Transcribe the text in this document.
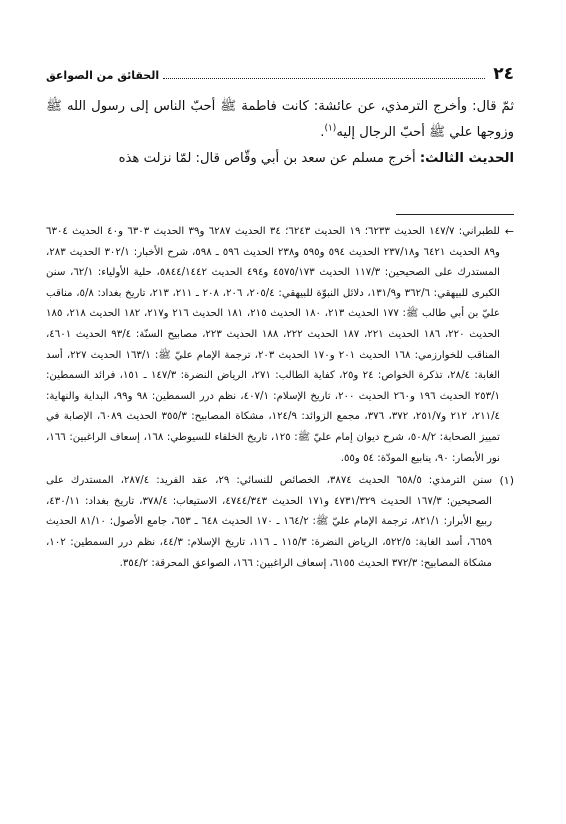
٢٤
الحقائق من الصواعق

ثمّ قال: وأخرج الترمذي، عن عائشة: كانت فاطمة ﷺ أحبّ الناس إلى رسول الله ﷺ وزوجها علي ﷺ أحبّ الرجال إليه$^{(١)}$.

الحديث الثالث: أخرج مسلم عن سعد بن أبي وقّاص قال: لمّا نزلت هذه

←
للطبراني: ١٤٧/٧ الحديث ٦٢٣٣؛ ١٩ الحديث ٦٢٤٣؛ ٣٤ الحديث ٦٢٨٧ و٣٩ الحديث ٦٣٠٣ و٤٠ الحديث ٦٣٠٤ و٨٩ الحديث ٦٤٢١ و٢٣٧/١٨ الحديث ٥٩٤ و٥٩٥ و٢٣٨ الحديث ٥٩٦ ـ ٥٩٨، شرح الأخبار: ٣٠٢/١ الحديث ٢٨٣، المستدرك على الصحيحين: ١١٧/٣ الحديث ٤٥٧٥/١٧٣ و٤٩٤ الحديث ٥٨٤٤/١٤٤٢، حلية الأولياء: ٦٢/١، سنن الكبرى للبيهقي: ٣٦٢/٦ و١٣١/٩، دلائل النبوّة للبيهقي: ٢٠٥/٤، ٢٠٦، ٢٠٨ ـ ٢١١، ٢١٣، تاريخ بغداد: ٥/٨، مناقب عليّ بن أبي طالب ﷺ: ١٧٧ الحديث ٢١٣، ١٨٠ الحديث ٢١٥، ١٨١ الحديث ٢١٦ و٢١٧، ١٨٢ الحديث ٢١٨، ١٨٥ الحديث ٢٢٠، ١٨٦ الحديث ٢٢١، ١٨٧ الحديث ٢٢٢، ١٨٨ الحديث ٢٢٣، مصابيح السنّة: ٩٣/٤ الحديث ٤٦٠١، المناقب للخوارزمي: ١٦٨ الحديث ٢٠١ و١٧٠ الحديث ٢٠٣، ترجمة الإمام عليّ ﷺ: ١٦٣/١ الحديث ٢٢٧، أسد الغابة: ٢٨/٤، تذكرة الخواص: ٢٤ و٢٥، كفاية الطالب: ٢٧١، الرياض النضرة: ١٤٧/٣ ـ ١٥١، فرائد السمطين: ٢٥٣/١ الحديث ١٩٦ و٢٦٠ الحديث ٢٠٠، تاريخ الإسلام: ٤٠٧/١، نظم درر السمطين: ٩٨ و٩٩، البداية والنهاية: ٢١١/٤، ٢١٢ و٢٥١/٧، ٣٧٢، ٣٧٦، مجمع الزوائد: ١٢٤/٩، مشكاة المصابيح: ٣٥٥/٣ الحديث ٦٠٨٩، الإصابة في تمييز الصحابة: ٥٠٨/٢، شرح ديوان إمام عليّ ﷺ: ١٢٥، تاريخ الخلفاء للسيوطي: ١٦٨، إسعاف الراغبين: ١٦٦، نور الأبصار: ٩٠، ينابيع المودّة: ٥٤ و٥٥.
(١)
سنن الترمذي: ٦٥٨/٥ الحديث ٣٨٧٤، الخصائص للنسائي: ٢٩، عقد الفريد: ٢٨٧/٤، المستدرك على الصحيحين: ١٦٧/٣ الحديث ٤٧٣١/٣٢٩ و١٧١ الحديث ٤٧٤٤/٣٤٣، الاستيعاب: ٣٧٨/٤، تاريخ بغداد: ٤٣٠/١١، ربيع الأبرار: ٨٢١/١، ترجمة الإمام عليّ ﷺ: ١٦٤/٢ ـ ١٧٠ الحديث ٦٤٨ ـ ٦٥٣، جامع الأصول: ٨١/١٠ الحديث ٦٦٥٩، أسد الغابة: ٥٢٢/٥، الرياض النضرة: ١١٥/٣ ـ ١١٦، تاريخ الإسلام: ٤٤/٣، نظم درر السمطين: ١٠٢، مشكاة المصابيح: ٣٧٢/٣ الحديث ٦١٥٥، إسعاف الراغبين: ١٦٦، الصواعق المحرقة: ٣٥٤/٢.
